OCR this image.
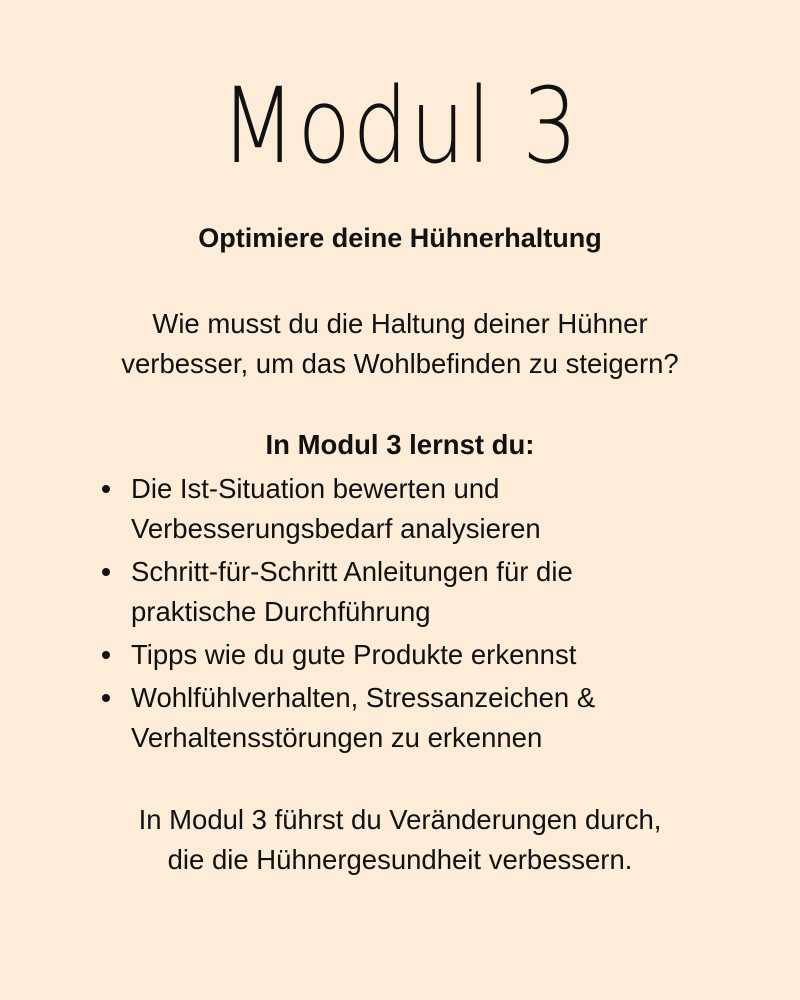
Modul 3
Optimiere deine Hühnerhaltung
Wie musst du die Haltung deiner Hühner
verbesser, um das Wohlbefinden zu steigern?
In Modul 3 lernst du:
Die Ist-Situation bewerten und
Verbesserungsbedarf analysieren
Schritt-für-Schritt Anleitungen für die
praktische Durchführung
Tipps wie du gute Produkte erkennst
Wohlfühlverhalten, Stressanzeichen &
Verhaltensstörungen zu erkennen
In Modul 3 führst du Veränderungen durch,
die die Hühnergesundheit verbessern.
